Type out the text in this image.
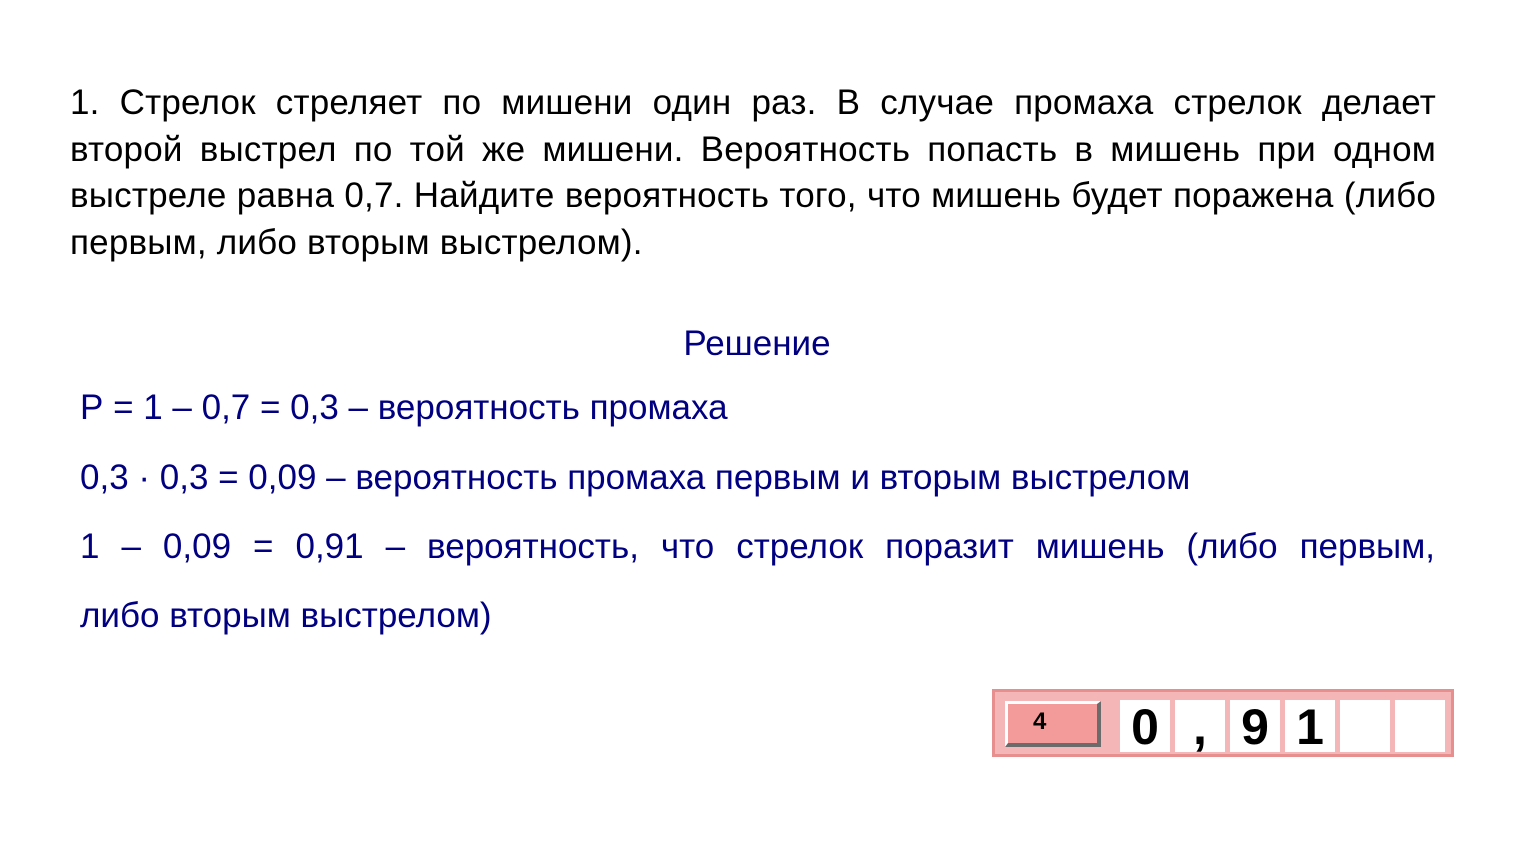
1. Стрелок стреляет по мишени один раз. В случае промаха стрелок делает второй выстрел по той же мишени. Вероятность попасть в мишень при одном выстреле равна 0,7. Найдите вероятность того, что мишень будет поражена (либо первым, либо вторым выстрелом).
Решение
Р = 1 – 0,7 = 0,3 – вероятность промаха
0,3 · 0,3 = 0,09 – вероятность промаха первым и вторым выстрелом
1 – 0,09 = 0,91 – вероятность, что стрелок поразит мишень (либо первым,
либо вторым выстрелом)
4	0 , 9 1
